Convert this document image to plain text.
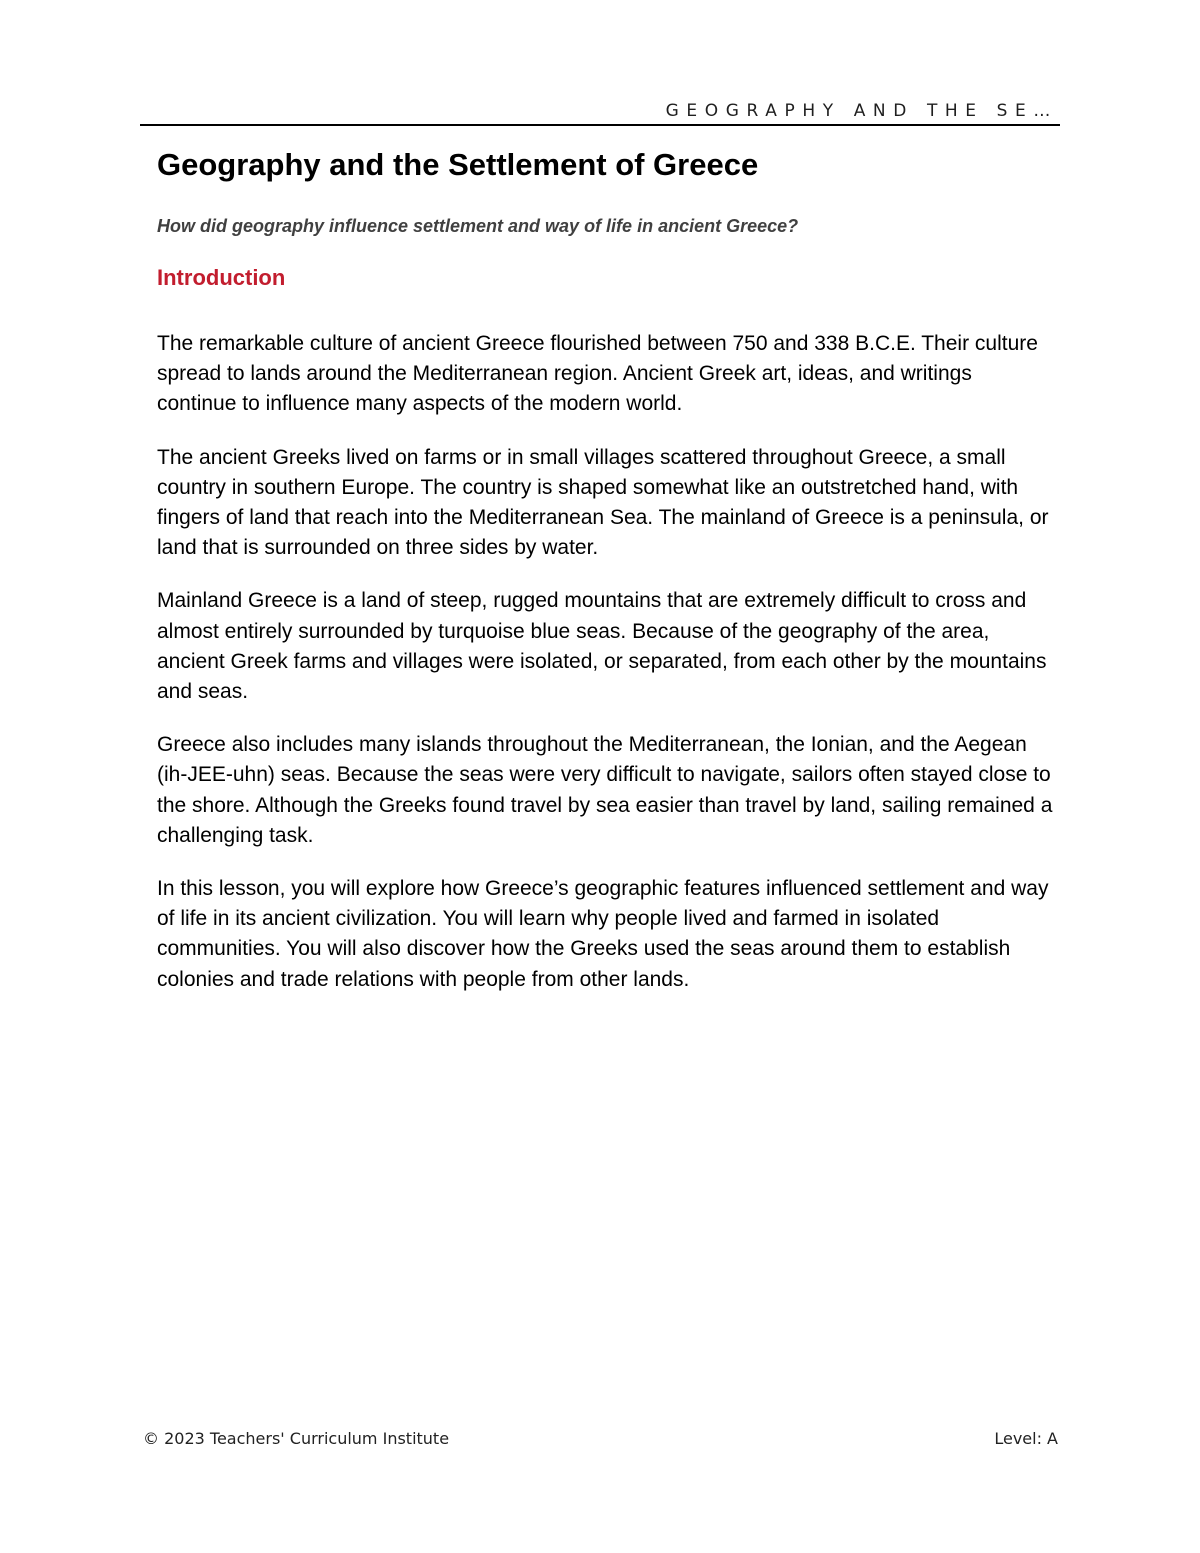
GEOGRAPHY AND THE SE…
Geography and the Settlement of Greece

How did geography influence settlement and way of life in ancient Greece?

Introduction

The remarkable culture of ancient Greece flourished between 750 and 338 B.C.E. Their culture spread to lands around the Mediterranean region. Ancient Greek art, ideas, and writings continue to influence many aspects of the modern world.

The ancient Greeks lived on farms or in small villages scattered throughout Greece, a small country in southern Europe. The country is shaped somewhat like an outstretched hand, with fingers of land that reach into the Mediterranean Sea. The mainland of Greece is a peninsula, or land that is surrounded on three sides by water.

Mainland Greece is a land of steep, rugged mountains that are extremely difficult to cross and almost entirely surrounded by turquoise blue seas. Because of the geography of the area, ancient Greek farms and villages were isolated, or separated, from each other by the mountains and seas.

Greece also includes many islands throughout the Mediterranean, the Ionian, and the Aegean (ih-JEE-uhn) seas. Because the seas were very difficult to navigate, sailors often stayed close to the shore. Although the Greeks found travel by sea easier than travel by land, sailing remained a challenging task.

In this lesson, you will explore how Greece’s geographic features influenced settlement and way of life in its ancient civilization. You will learn why people lived and farmed in isolated communities. You will also discover how the Greeks used the seas around them to establish colonies and trade relations with people from other lands.

© 2023 Teachers' Curriculum Institute	Level: A
